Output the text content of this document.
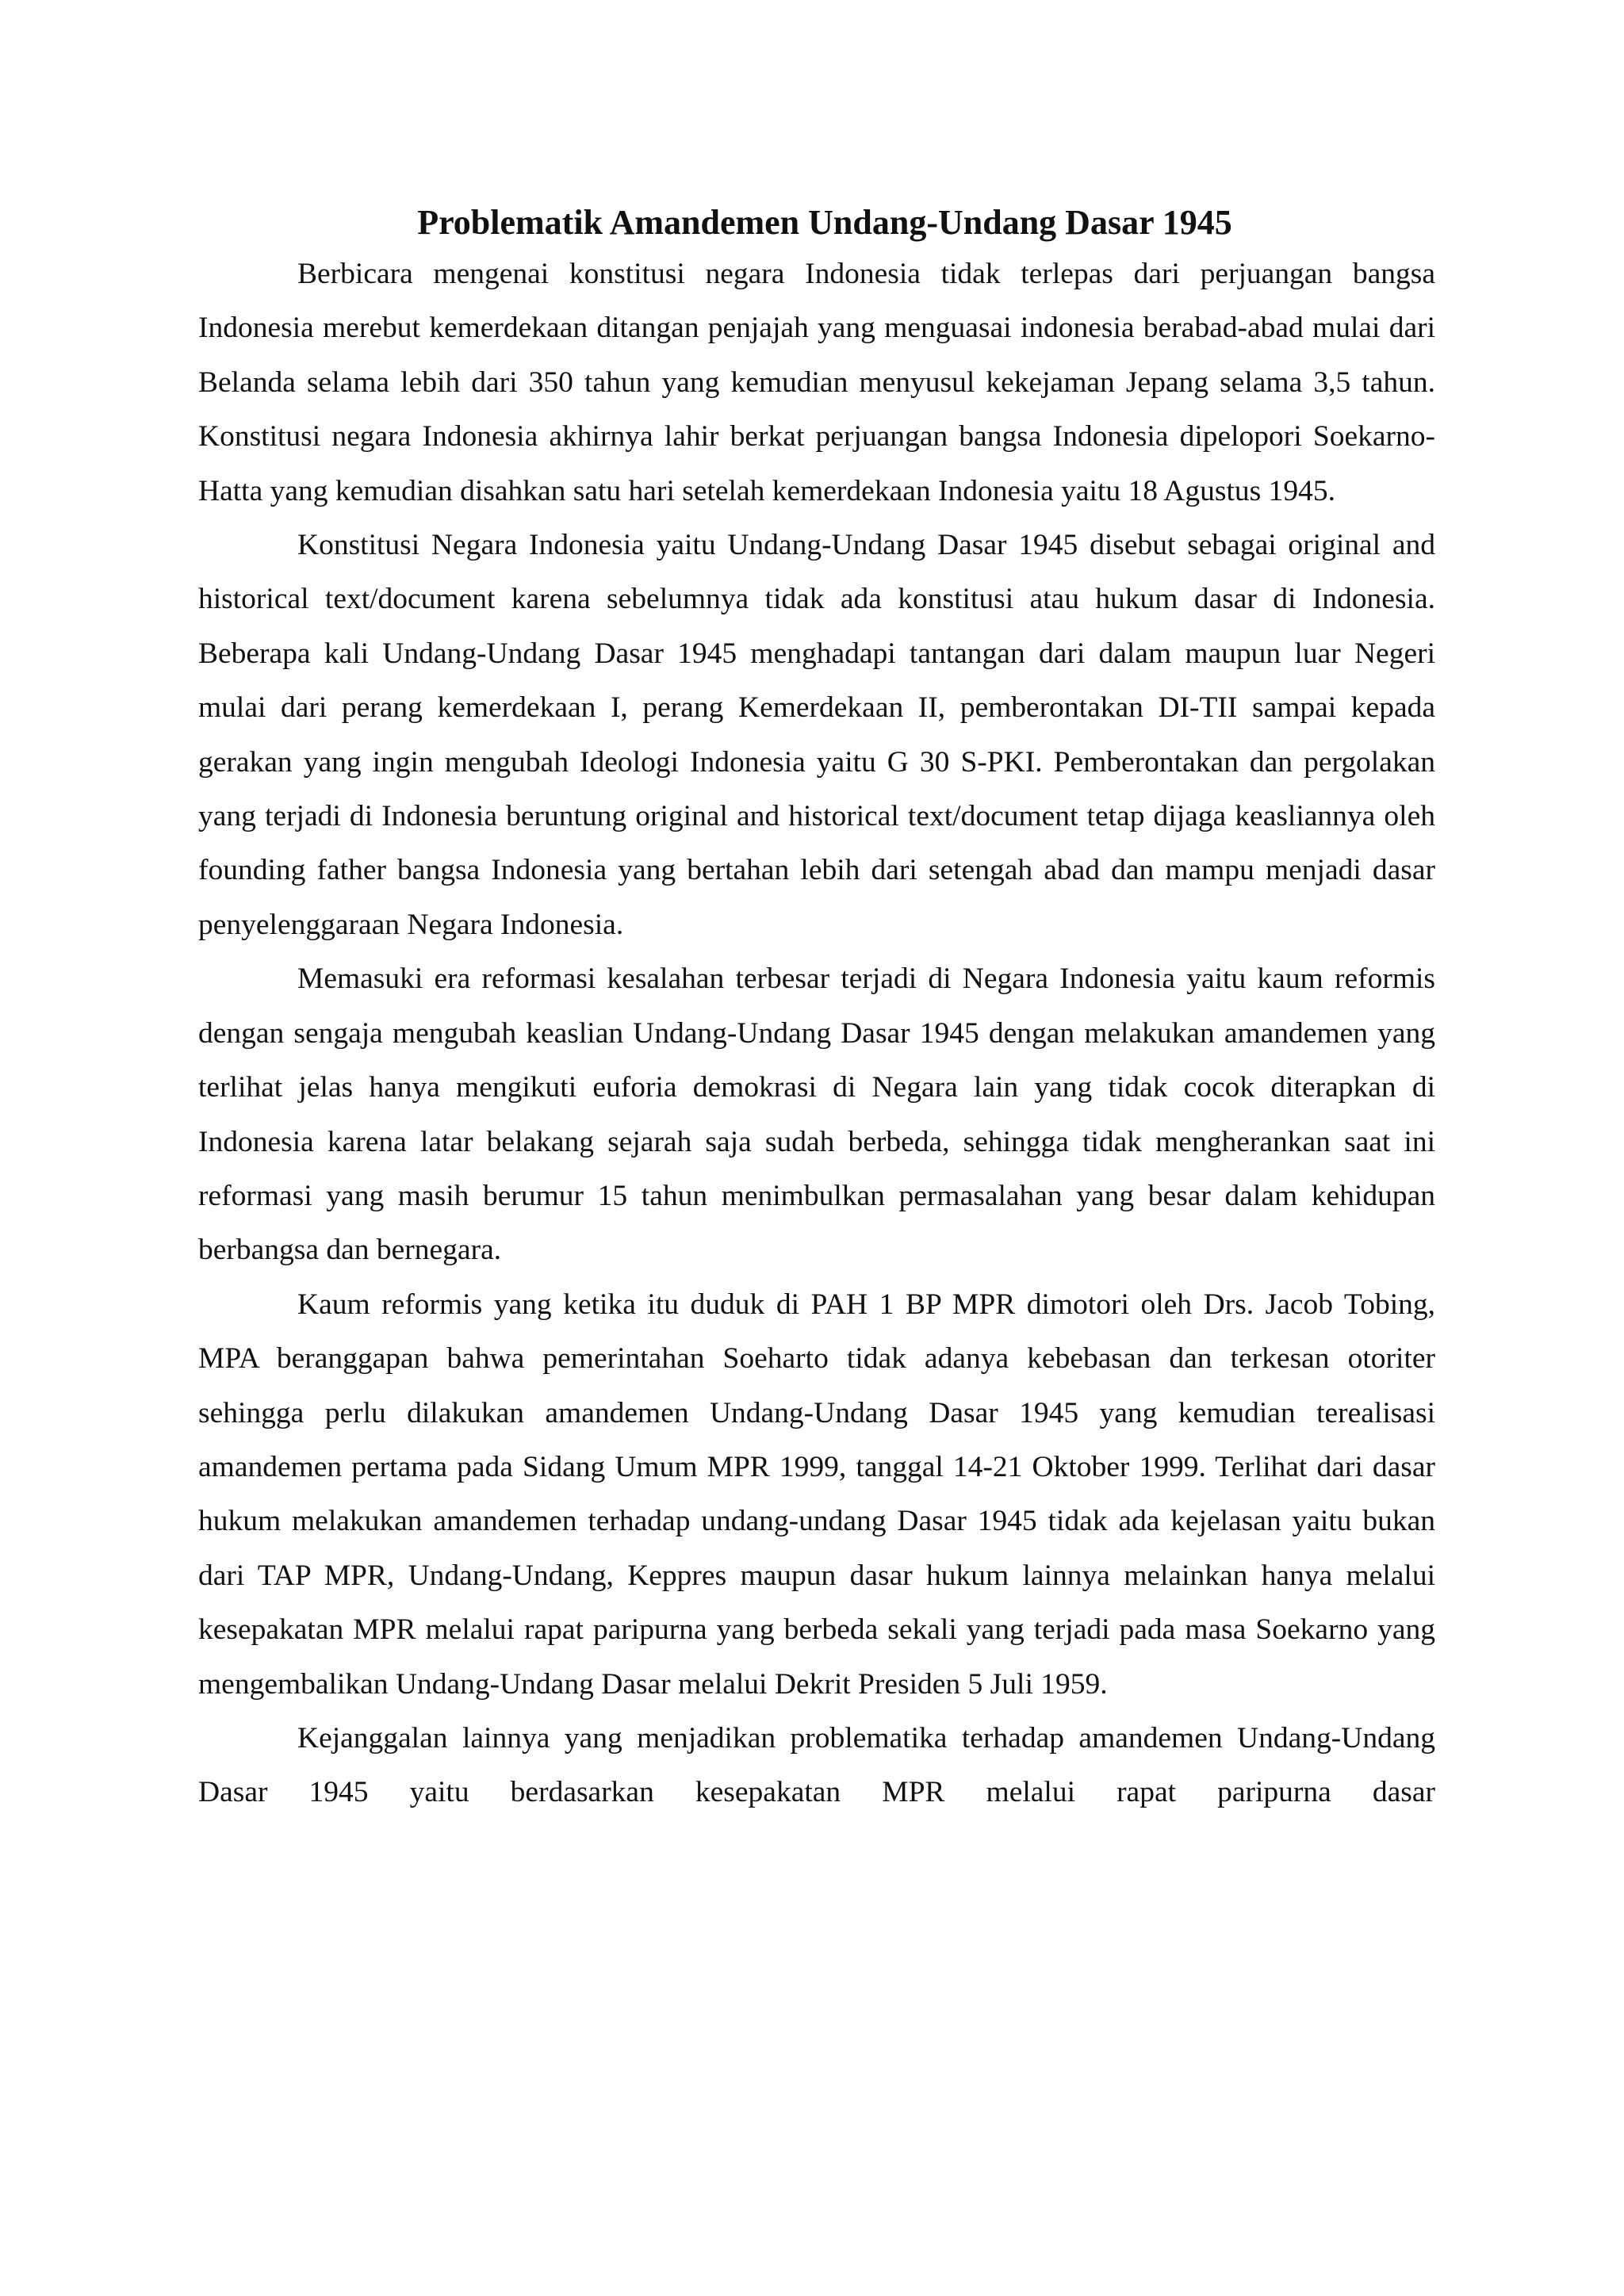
Problematik Amandemen Undang-Undang Dasar 1945

Berbicara mengenai konstitusi negara Indonesia tidak terlepas dari perjuangan bangsa Indonesia merebut kemerdekaan ditangan penjajah yang menguasai indonesia berabad-abad mulai dari Belanda selama lebih dari 350 tahun yang kemudian menyusul kekejaman Jepang selama 3,5 tahun. Konstitusi negara Indonesia akhirnya lahir berkat perjuangan bangsa Indonesia dipelopori Soekarno-Hatta yang kemudian disahkan satu hari setelah kemerdekaan Indonesia yaitu 18 Agustus 1945.

Konstitusi Negara Indonesia yaitu Undang-Undang Dasar 1945 disebut sebagai original and historical text/document karena sebelumnya tidak ada konstitusi atau hukum dasar di Indonesia. Beberapa kali Undang-Undang Dasar 1945 menghadapi tantangan dari dalam maupun luar Negeri mulai dari perang kemerdekaan I, perang Kemerdekaan II, pemberontakan DI-TII sampai kepada gerakan yang ingin mengubah Ideologi Indonesia yaitu G 30 S-PKI. Pemberontakan dan pergolakan yang terjadi di Indonesia beruntung original and historical text/document tetap dijaga keasliannya oleh founding father bangsa Indonesia yang bertahan lebih dari setengah abad dan mampu menjadi dasar penyelenggaraan Negara Indonesia.

Memasuki era reformasi kesalahan terbesar terjadi di Negara Indonesia yaitu kaum reformis dengan sengaja mengubah keaslian Undang-Undang Dasar 1945 dengan melakukan amandemen yang terlihat jelas hanya mengikuti euforia demokrasi di Negara lain yang tidak cocok diterapkan di Indonesia karena latar belakang sejarah saja sudah berbeda, sehingga tidak mengherankan saat ini reformasi yang masih berumur 15 tahun menimbulkan permasalahan yang besar dalam kehidupan berbangsa dan bernegara.

Kaum reformis yang ketika itu duduk di PAH 1 BP MPR dimotori oleh Drs. Jacob Tobing, MPA beranggapan bahwa pemerintahan Soeharto tidak adanya kebebasan dan terkesan otoriter sehingga perlu dilakukan amandemen Undang-Undang Dasar 1945 yang kemudian terealisasi amandemen pertama pada Sidang Umum MPR 1999, tanggal 14-21 Oktober 1999. Terlihat dari dasar hukum melakukan amandemen terhadap undang-undang Dasar 1945 tidak ada kejelasan yaitu bukan dari TAP MPR, Undang-Undang, Keppres maupun dasar hukum lainnya melainkan hanya melalui kesepakatan MPR melalui rapat paripurna yang berbeda sekali yang terjadi pada masa Soekarno yang mengembalikan Undang-Undang Dasar melalui Dekrit Presiden 5 Juli 1959.

Kejanggalan lainnya yang menjadikan problematika terhadap amandemen Undang-Undang Dasar 1945 yaitu berdasarkan kesepakatan MPR melalui rapat paripurna dasar
